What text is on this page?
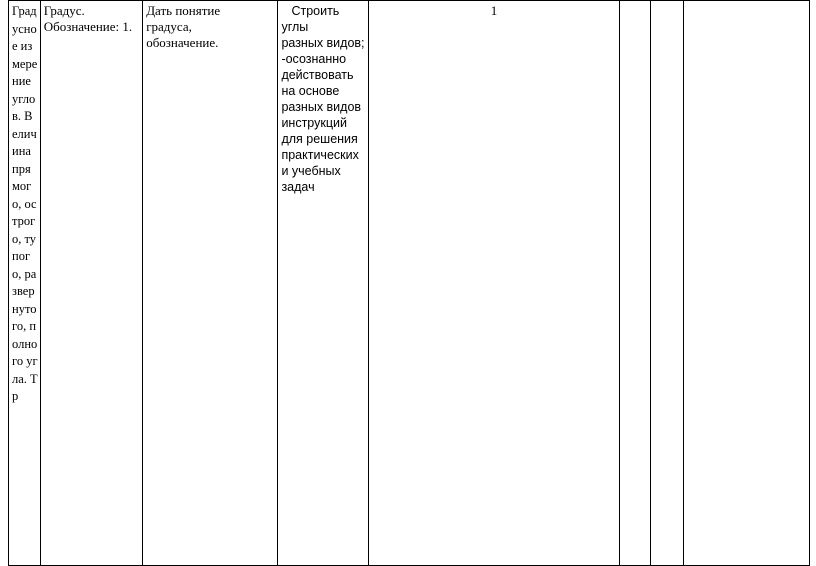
Градусное измерение углов. Величина прямого, острого, тупого, развернутого, полного угла. Тр

Градус.
Обозначение: 1.

Дать понятие
градуса,
обозначение.

Строить углы
разных видов; -осознанно действовать на основе разных видов инструкций для решения практических и учебных задач

1
